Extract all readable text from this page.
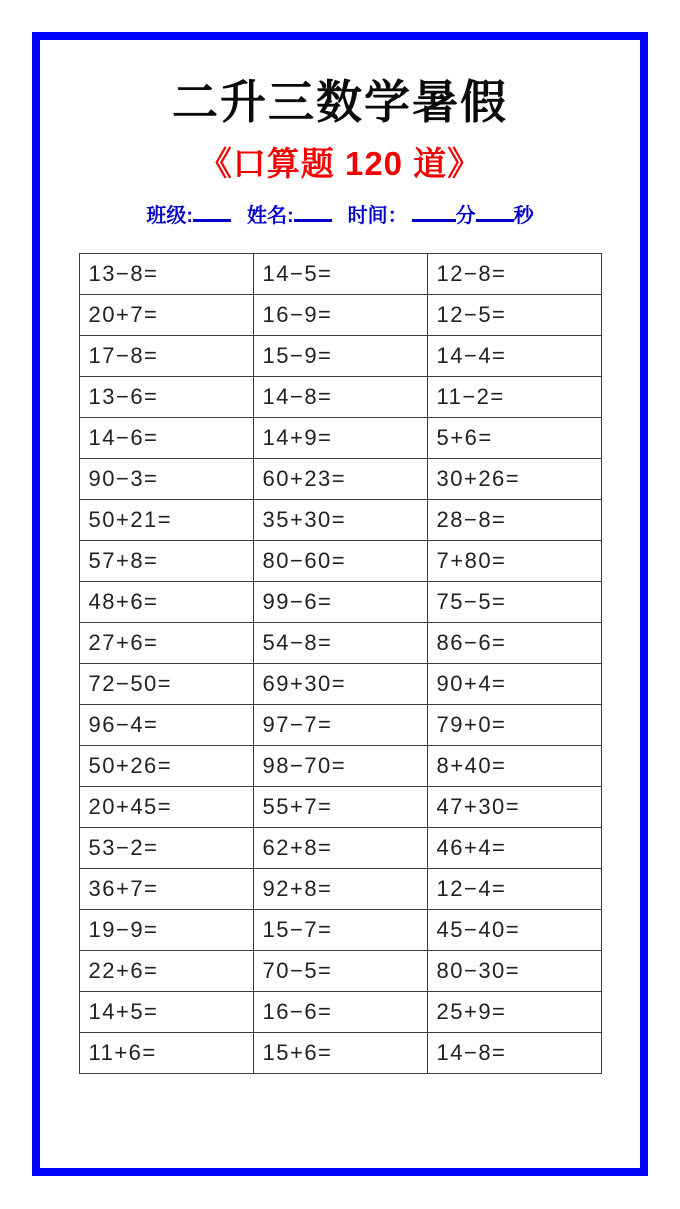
二升三数学暑假
《口算题 120 道》
班级:	姓名:	时间： 分 秒
13−8=	14−5=	12−8=
20+7=	16−9=	12−5=
17−8=	15−9=	14−4=
13−6=	14−8=	11−2=
14−6=	14+9=	5+6=
90−3=	60+23=	30+26=
50+21=	35+30=	28−8=
57+8=	80−60=	7+80=
48+6=	99−6=	75−5=
27+6=	54−8=	86−6=
72−50=	69+30=	90+4=
96−4=	97−7=	79+0=
50+26=	98−70=	8+40=
20+45=	55+7=	47+30=
53−2=	62+8=	46+4=
36+7=	92+8=	12−4=
19−9=	15−7=	45−40=
22+6=	70−5=	80−30=
14+5=	16−6=	25+9=
11+6=	15+6=	14−8=
